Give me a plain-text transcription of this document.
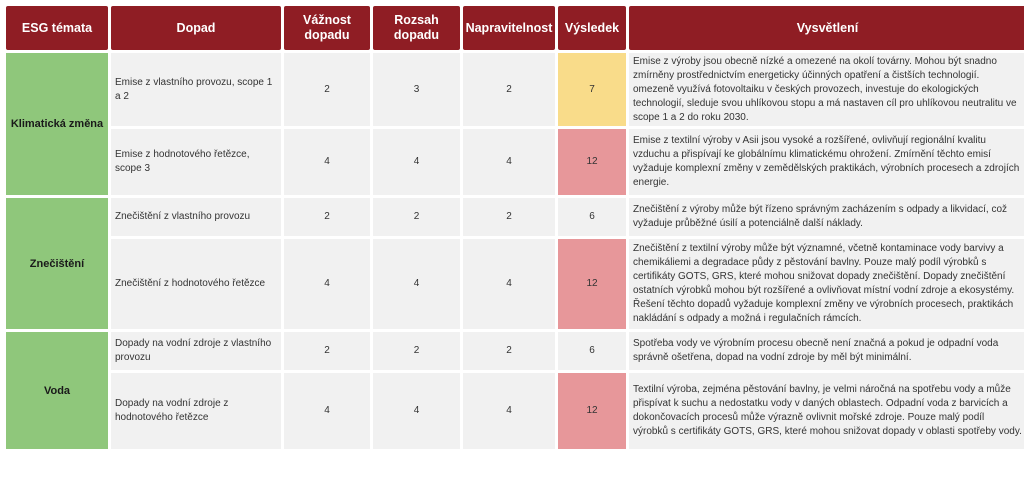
ESG témata	Dopad	Vážnost dopadu	Rozsah dopadu	Napravitelnost	Výsledek	Vysvětlení
Klimatická změna	Emise z vlastního provozu, scope 1 a 2	2	3	2	7	Emise z výroby jsou obecně nízké a omezené na okolí továrny. Mohou být snadno zmírněny prostřednictvím energeticky účinných opatření a čistších technologií. omezeně využívá fotovoltaiku v českých provozech, investuje do ekologických technologií, sleduje svou uhlíkovou stopu a má nastaven cíl pro uhlíkovou neutralitu ve scope 1 a 2 do roku 2030.
	Emise z hodnotového řetězce, scope 3	4	4	4	12	Emise z textilní výroby v Asii jsou vysoké a rozšířené, ovlivňují regionální kvalitu vzduchu a přispívají ke globálnímu klimatickému ohrožení. Zmírnění těchto emisí vyžaduje komplexní změny v zemědělských praktikách, výrobních procesech a zdrojích energie.
Znečištění	Znečištění z vlastního provozu	2	2	2	6	Znečištění z výroby může být řízeno správným zacházením s odpady a likvidací, což vyžaduje průběžné úsilí a potenciálně další náklady.
	Znečištění z hodnotového řetězce	4	4	4	12	Znečištění z textilní výroby může být významné, včetně kontaminace vody barvivy a chemikáliemi a degradace půdy z pěstování bavlny. Pouze malý podíl výrobků s certifikáty GOTS, GRS, které mohou snižovat dopady znečištění. Dopady znečištění ostatních výrobků mohou být rozšířené a ovlivňovat místní vodní zdroje a ekosystémy. Řešení těchto dopadů vyžaduje komplexní změny ve výrobních procesech, praktikách nakládání s odpady a možná i regulačních rámcích.
Voda	Dopady na vodní zdroje z vlastního provozu	2	2	2	6	Spotřeba vody ve výrobním procesu obecně není značná a pokud je odpadní voda správně ošetřena, dopad na vodní zdroje by měl být minimální.
	Dopady na vodní zdroje z hodnotového řetězce	4	4	4	12	Textilní výroba, zejména pěstování bavlny, je velmi náročná na spotřebu vody a může přispívat k suchu a nedostatku vody v daných oblastech. Odpadní voda z barvicích a dokončovacích procesů může výrazně ovlivnit mořské zdroje. Pouze malý podíl výrobků s certifikáty GOTS, GRS, které mohou snižovat dopady v oblasti spotřeby vody.
